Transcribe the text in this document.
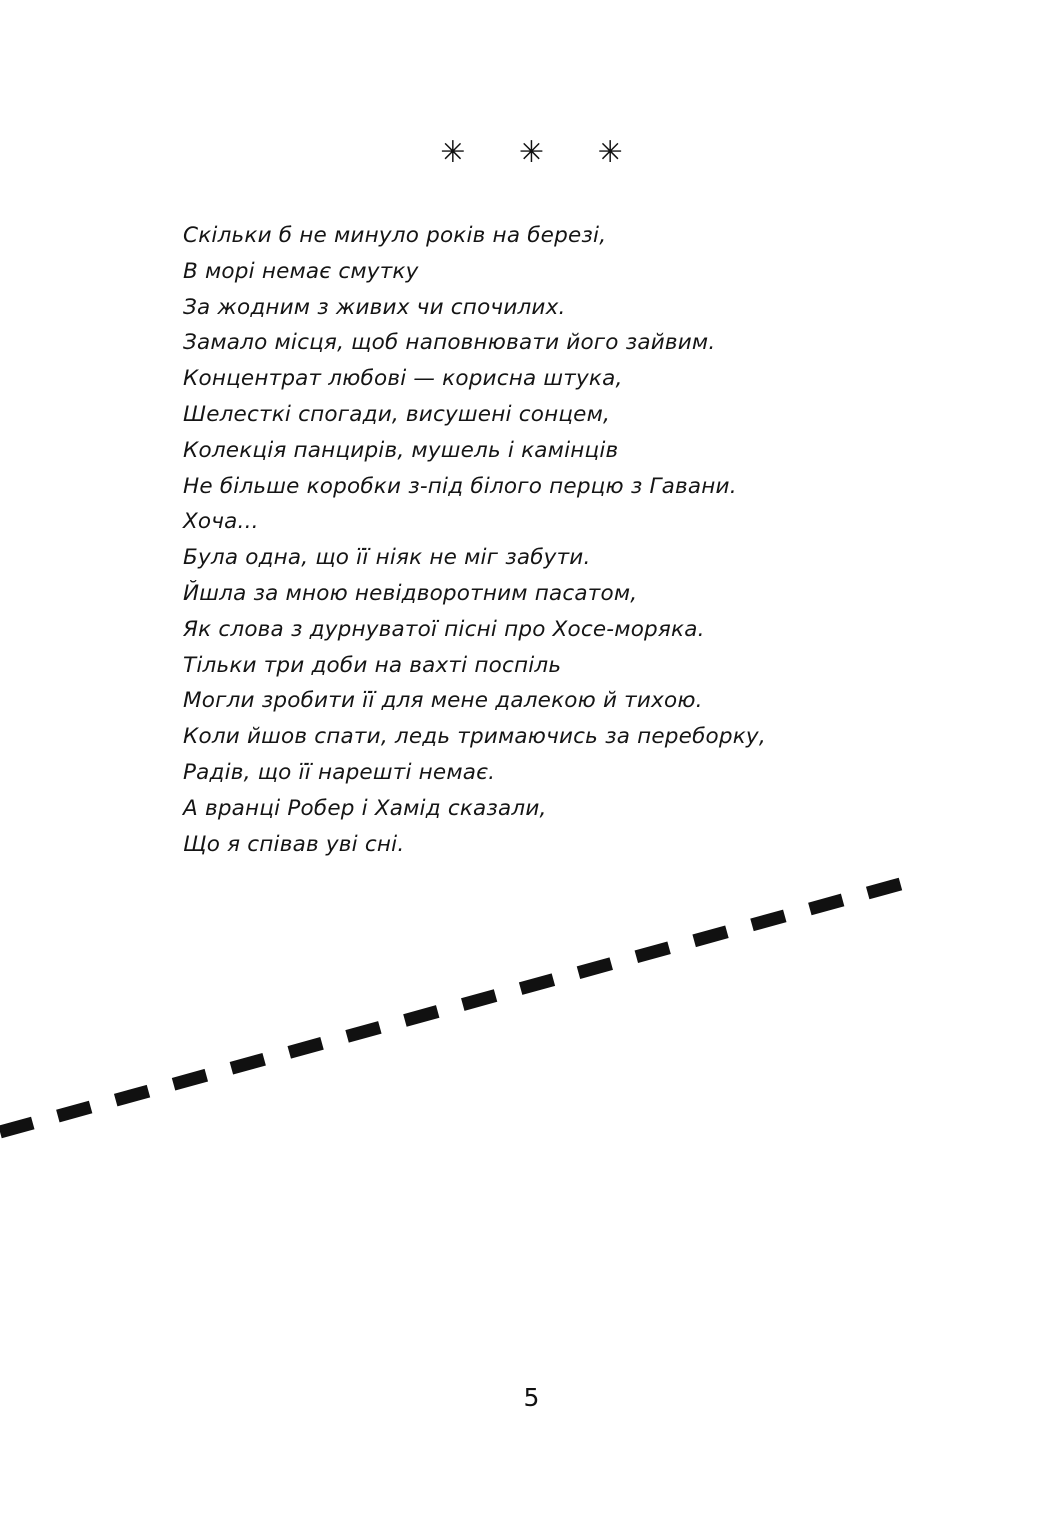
✳ ✳ ✳
Скільки б не минуло років на березі,
В морі немає смутку
За жодним з живих чи спочилих.
Замало місця, щоб наповнювати його зайвим.
Концентрат любові — корисна штука,
Шелесткі спогади, висушені сонцем,
Колекція панцирів, мушель і камінців
Не більше коробки з-під білого перцю з Гавани.
Хоча...
Була одна, що її ніяк не міг забути.
Йшла за мною невідворотним пасатом,
Як слова з дурнуватої пісні про Хосе-моряка.
Тільки три доби на вахті поспіль
Могли зробити її для мене далекою й тихою.
Коли йшов спати, ледь тримаючись за переборку,
Радів, що її нарешті немає.
А вранці Робер і Хамід сказали,
Що я співав уві сні.
5
